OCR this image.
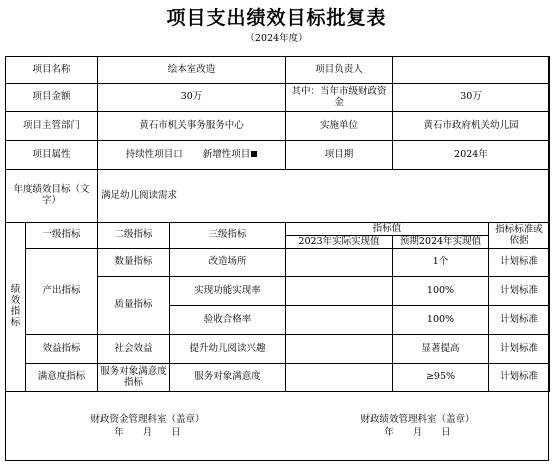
项目支出绩效目标批复表
（2024年度）
项目名称		绘本室改造		项目负责人		
项目金额		30万		其中：当年市级财政资金	30万	
项目主管部门		黄石市机关事务服务中心		实施单位	黄石市政府机关幼儿园	
项目属性		持续性项目口 新增性项目		项目期	2024年	
年度绩效目标（文字）		满足幼儿阅读需求				

绩效指标	一级指标	二级指标	三级指标	指标值		指标标准或依据
				2023年实际实现值	预期2024年实现值	
	产出指标	数量指标	改造场所		1个	计划标准
		质量指标	实现功能实现率		100%	计划标准
			验收合格率		100%	计划标准
	效益指标	社会效益	提升幼儿阅读兴趣		显著提高	计划标准
	满意度指标	服务对象满意度指标	服务对象满意度		≥95%	计划标准
财政资金管理科室（盖章）
年　　月　　日
财政绩效管理科室（盖章）
年　　月　　日
